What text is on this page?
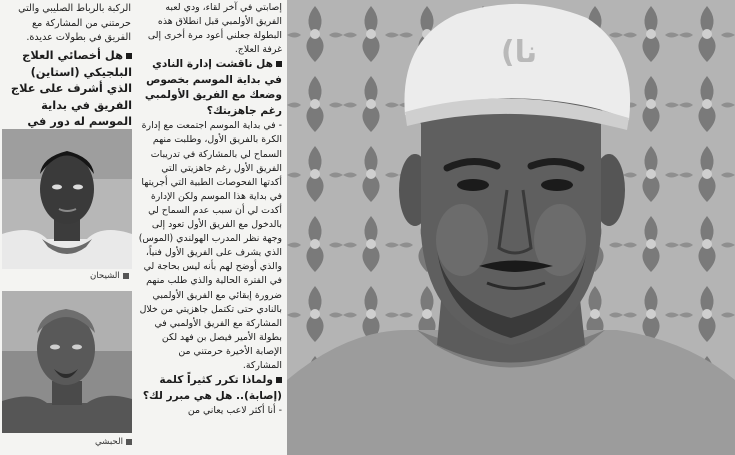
الركبة بالرباط الصليبي والتي حرمتني من المشاركة مع الفريق في بطولات عديدة.
هل أخصائي العلاج البلجيكي (استاين) الذي أشرف على علاج الفريق في بداية الموسم له دور في
الشيحان
الحبشي

إصابتي في آخر لقاء، ودي لعبه الفريق الأولمبي قبل انطلاق هذه البطولة جعلني أعود مرة أخرى إلى غرفة العلاج.

هل ناقشت إدارة النادي في بداية الموسم بخصوص وضعك مع الفريق الأولمبي رغم جاهزيتك؟

- في بداية الموسم اجتمعت مع إدارة الكرة بالفريق الأول، وطلبت منهم السماح لي بالمشاركة في تدريبات الفريق الأول رغم جاهزيتي التي أكدتها الفحوصات الطبية التي أجريتها في بداية هذا الموسم ولكن الإدارة أكدت لي أن سبب عدم السماح لي بالدخول مع الفريق الأول تعود إلى وجهة نظر المدرب الهولندي (الموس) الذي يشرف على الفريق الأول فنياً، والذي أوضح لهم بأنه ليس بحاجة لي في الفترة الحالية والذي طلب منهم ضرورة إبقائي مع الفريق الأولمبي بالنادي حتى تكتمل جاهزيتي من خلال المشاركة مع الفريق الأولمبي في بطولة الأمير فيصل بن فهد لكن الإصابة الأخيرة حرمتني من المشاركة.

ولماذا تكرر كثيراً كلمة (إصابة).. هل هي مبرر لك؟

- أنا أكثر لاعب يعاني من

(نا
